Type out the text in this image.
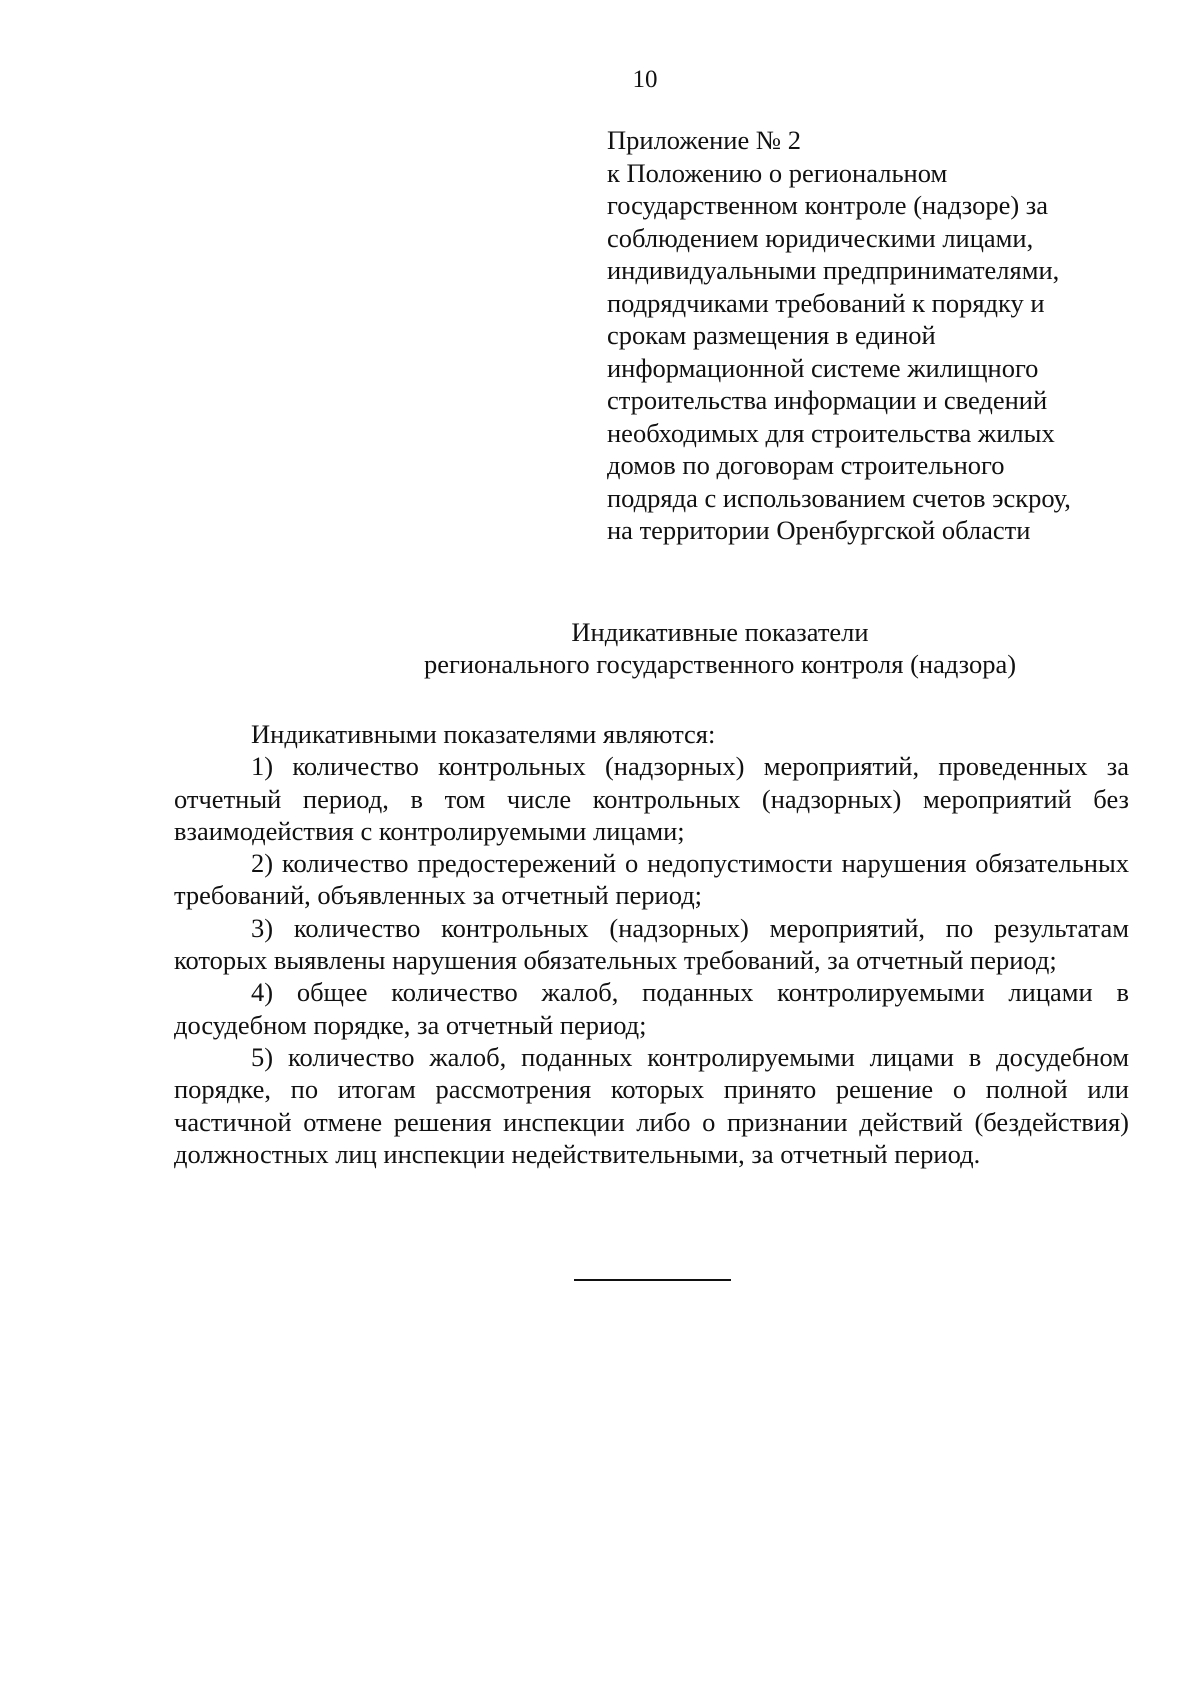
10
Приложение № 2
к Положению о региональном
государственном контроле (надзоре) за
соблюдением юридическими лицами,
индивидуальными предпринимателями,
подрядчиками требований к порядку и
срокам размещения в единой
информационной системе жилищного
строительства информации и сведений
необходимых для строительства жилых
домов по договорам строительного
подряда с использованием счетов эскроу,
на территории Оренбургской области
Индикативные показатели
регионального государственного контроля (надзора)

Индикативными показателями являются:

1) количество контрольных (надзорных) мероприятий, проведенных за отчетный период, в том числе контрольных (надзорных) мероприятий без взаимодействия с контролируемыми лицами;

2) количество предостережений о недопустимости нарушения обязательных требований, объявленных за отчетный период;

3) количество контрольных (надзорных) мероприятий, по результатам которых выявлены нарушения обязательных требований, за отчетный период;

4) общее количество жалоб, поданных контролируемыми лицами в досудебном порядке, за отчетный период;

5) количество жалоб, поданных контролируемыми лицами в досудебном порядке, по итогам рассмотрения которых принято решение о полной или частичной отмене решения инспекции либо о признании действий (бездействия) должностных лиц инспекции недействительными, за отчетный период.
